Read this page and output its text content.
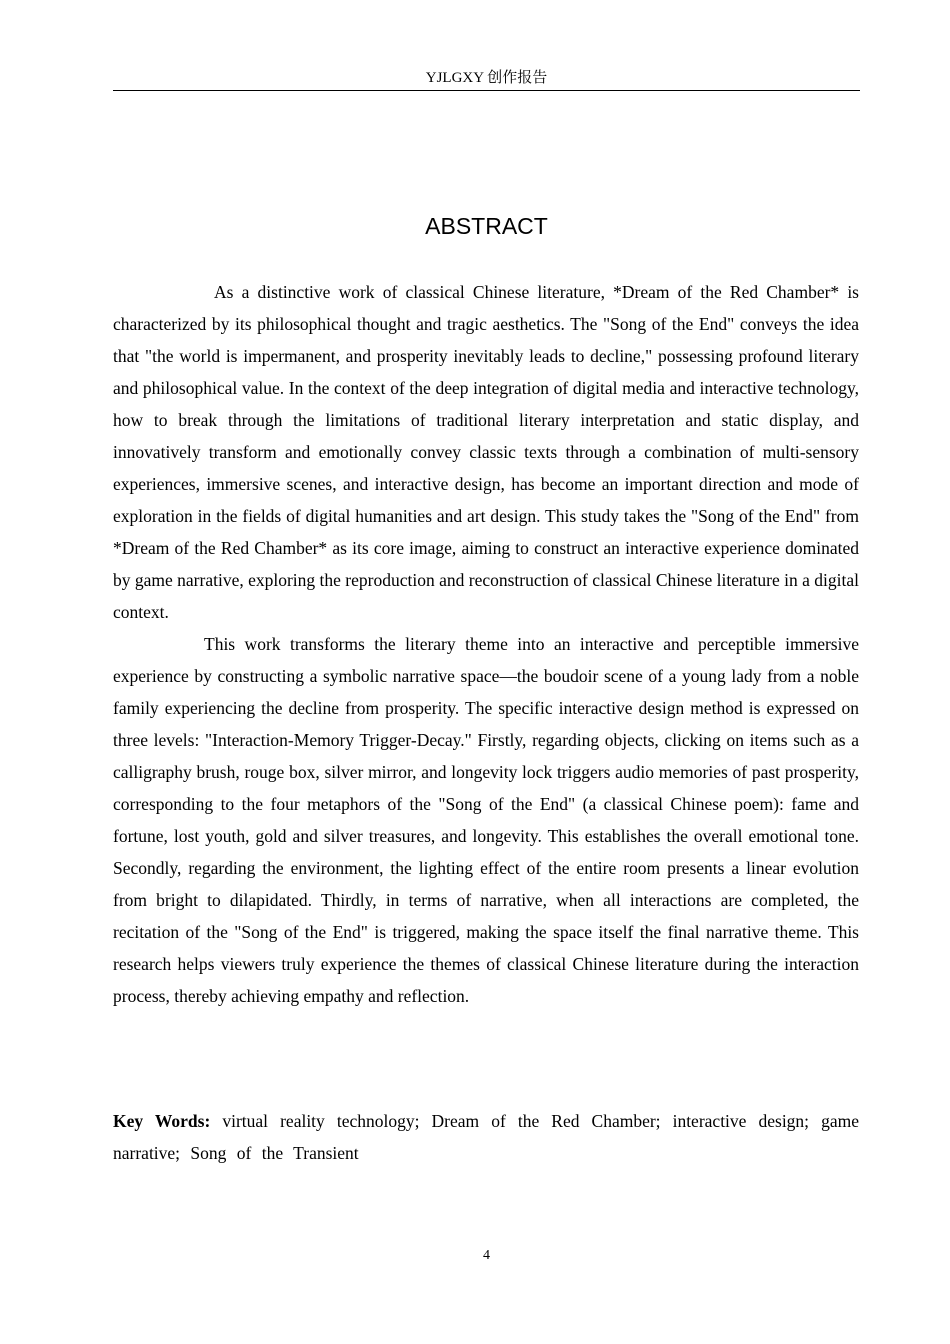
YJLGXY 创作报告
ABSTRACT

As a distinctive work of classical Chinese literature, *Dream of the Red Chamber* is characterized by its philosophical thought and tragic aesthetics. The "Song of the End" conveys the idea that "the world is impermanent, and prosperity inevitably leads to decline," possessing profound literary and philosophical value. In the context of the deep integration of digital media and interactive technology, how to break through the limitations of traditional literary interpretation and static display, and innovatively transform and emotionally convey classic texts through a combination of multi-sensory experiences, immersive scenes, and interactive design, has become an important direction and mode of exploration in the fields of digital humanities and art design. This study takes the "Song of the End" from *Dream of the Red Chamber* as its core image, aiming to construct an interactive experience dominated by game narrative, exploring the reproduction and reconstruction of classical Chinese literature in a digital context.

This work transforms the literary theme into an interactive and perceptible immersive experience by constructing a symbolic narrative space—the boudoir scene of a young lady from a noble family experiencing the decline from prosperity. The specific interactive design method is expressed on three levels: "Interaction-Memory Trigger-Decay." Firstly, regarding objects, clicking on items such as a calligraphy brush, rouge box, silver mirror, and longevity lock triggers audio memories of past prosperity, corresponding to the four metaphors of the "Song of the End" (a classical Chinese poem): fame and fortune, lost youth, gold and silver treasures, and longevity. This establishes the overall emotional tone. Secondly, regarding the environment, the lighting effect of the entire room presents a linear evolution from bright to dilapidated. Thirdly, in terms of narrative, when all interactions are completed, the recitation of the "Song of the End" is triggered, making the space itself the final narrative theme. This research helps viewers truly experience the themes of classical Chinese literature during the interaction process, thereby achieving empathy and reflection.

Key Words: virtual reality technology; Dream of the Red Chamber; interactive design; game narrative; Song of the Transient
4
